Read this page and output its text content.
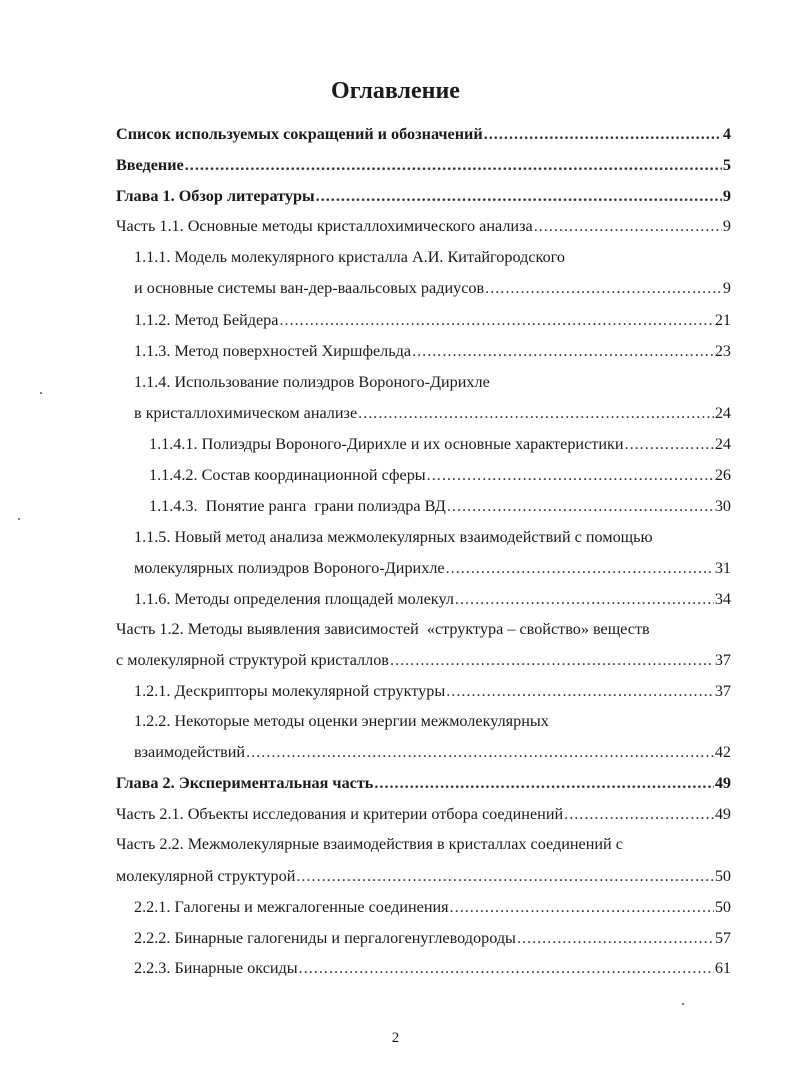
Оглавление
Список используемых сокращений и обозначений .....	4
Введение .....	5
Глава 1. Обзор литературы .....	9
Часть 1.1. Основные методы кристаллохимического анализа .....	9
1.1.1. Модель молекулярного кристалла А.И. Китайгородского
и основные системы ван-дер-ваальсовых радиусов .....	9
1.1.2. Метод Бейдера .....	21
1.1.3. Метод поверхностей Хиршфельда .....	23
1.1.4. Использование полиэдров Вороного-Дирихле
в кристаллохимическом анализе .....	24
1.1.4.1. Полиэдры Вороного-Дирихле и их основные характеристики .....	24
1.1.4.2. Состав координационной сферы .....	26
1.1.4.3.  Понятие ранга  грани полиэдра ВД .....	30
1.1.5. Новый метод анализа межмолекулярных взаимодействий с помощью
молекулярных полиэдров Вороного-Дирихле .....	31
1.1.6. Методы определения площадей молекул .....	34
Часть 1.2. Методы выявления зависимостей  «структура – свойство» веществ
с молекулярной структурой кристаллов .....	37
1.2.1. Дескрипторы молекулярной структуры .....	37
1.2.2. Некоторые методы оценки энергии межмолекулярных
взаимодействий .....	42
Глава 2. Экспериментальная часть .....	49
Часть 2.1. Объекты исследования и критерии отбора соединений .....	49
Часть 2.2. Межмолекулярные взаимодействия в кристаллах соединений с
молекулярной структурой .....	50
2.2.1. Галогены и межгалогенные соединения .....	50
2.2.2. Бинарные галогениды и пергалогенуглеводороды .....	57
2.2.3. Бинарные оксиды .....	61
2
